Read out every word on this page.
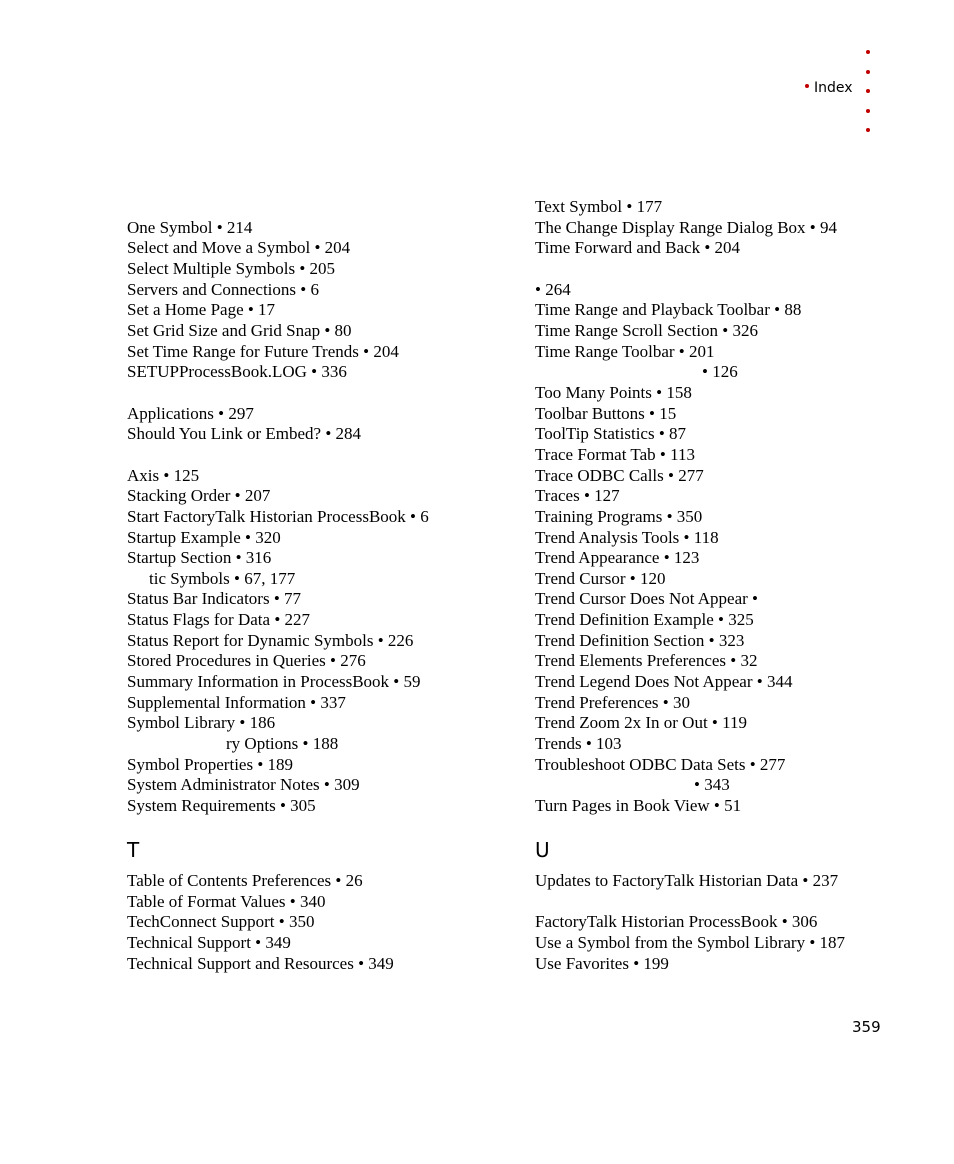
Index
One Symbol • 214
Select and Move a Symbol • 204
Select Multiple Symbols • 205
Servers and Connections • 6
Set a Home Page • 17
Set Grid Size and Grid Snap • 80
Set Time Range for Future Trends • 204
SETUPProcessBook.LOG • 336
Applications • 297
Should You Link or Embed? • 284
Axis • 125
Stacking Order • 207
Start FactoryTalk Historian ProcessBook • 6
Startup Example • 320
Startup Section • 316
tic Symbols • 67, 177
Status Bar Indicators • 77
Status Flags for Data • 227
Status Report for Dynamic Symbols • 226
Stored Procedures in Queries • 276
Summary Information in ProcessBook • 59
Supplemental Information • 337
Symbol Library • 186
ry Options • 188
Symbol Properties • 189
System Administrator Notes • 309
System Requirements • 305
Text Symbol • 177
The Change Display Range Dialog Box • 94
Time Forward and Back • 204
• 264
Time Range and Playback Toolbar • 88
Time Range Scroll Section • 326
Time Range Toolbar • 201
• 126
Too Many Points • 158
Toolbar Buttons • 15
ToolTip Statistics • 87
Trace Format Tab • 113
Trace ODBC Calls • 277
Traces • 127
Training Programs • 350
Trend Analysis Tools • 118
Trend Appearance • 123
Trend Cursor • 120
Trend Cursor Does Not Appear •
Trend Definition Example • 325
Trend Definition Section • 323
Trend Elements Preferences • 32
Trend Legend Does Not Appear • 344
Trend Preferences • 30
Trend Zoom 2x In or Out • 119
Trends • 103
Troubleshoot ODBC Data Sets • 277
• 343
Turn Pages in Book View • 51
T	U
Table of Contents Preferences • 26
Table of Format Values • 340
TechConnect Support • 350
Technical Support • 349
Technical Support and Resources • 349
Updates to FactoryTalk Historian Data • 237
FactoryTalk Historian ProcessBook • 306
Use a Symbol from the Symbol Library • 187
Use Favorites • 199
359
